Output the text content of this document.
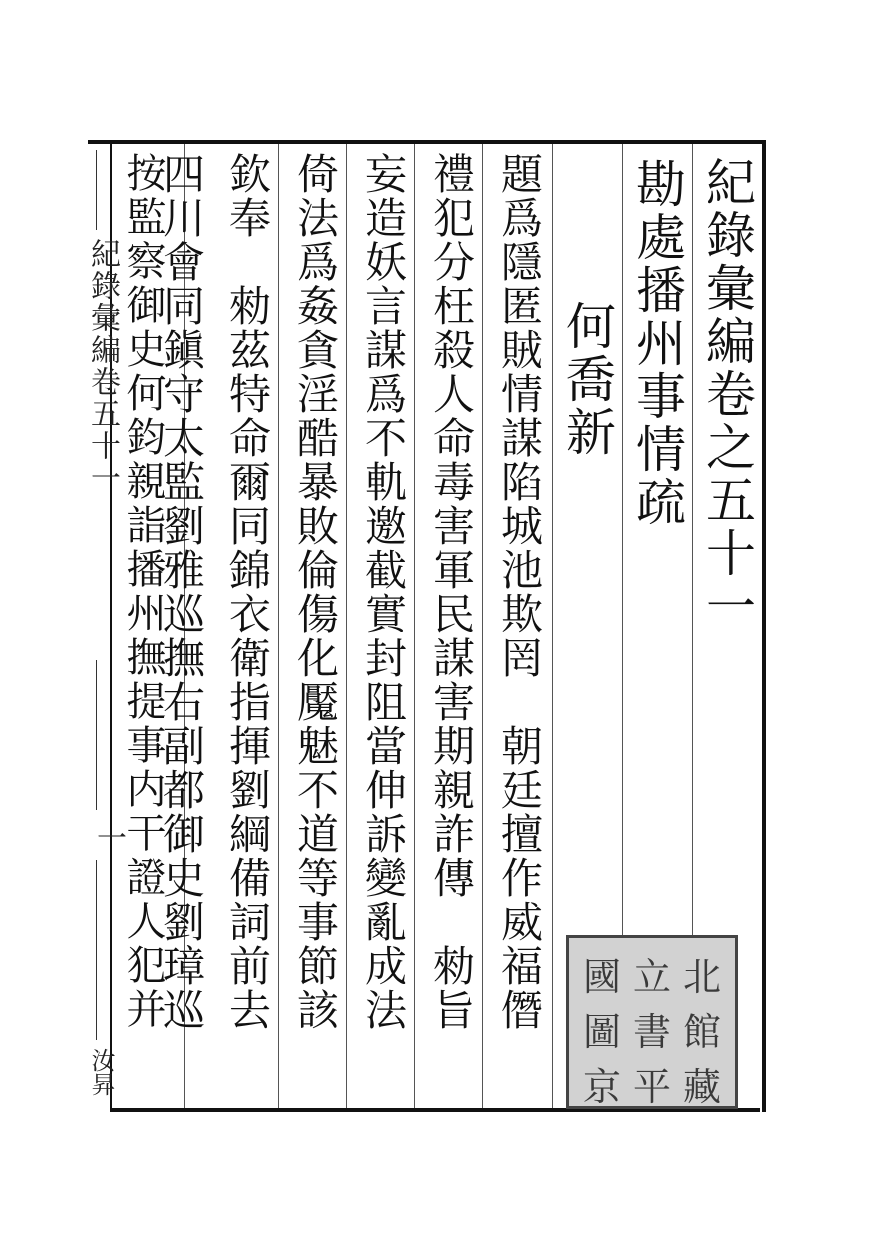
紀錄彙編卷之五十一
勘處播州事情疏
何喬新
題爲隱匿賊情謀陷城池欺罔　朝廷擅作威福僭
禮犯分枉殺人命毒害軍民謀害期親詐傳　勑旨
妄造妖言謀爲不軌邀截實封阻當伸訴變亂成法
倚法爲姦貪淫酷暴敗倫傷化魘魅不道等事節該
欽奉　勑茲特命爾同錦衣衛指揮劉綱備詞前去
四川會同鎭守太監劉雅巡撫右副都御史劉璋巡
按監察御史何鈞親詣播州撫提事内干證人犯并
紀錄彙編卷五十一
一
汝昇
國 立 北
圖 書 館
京 平 藏
